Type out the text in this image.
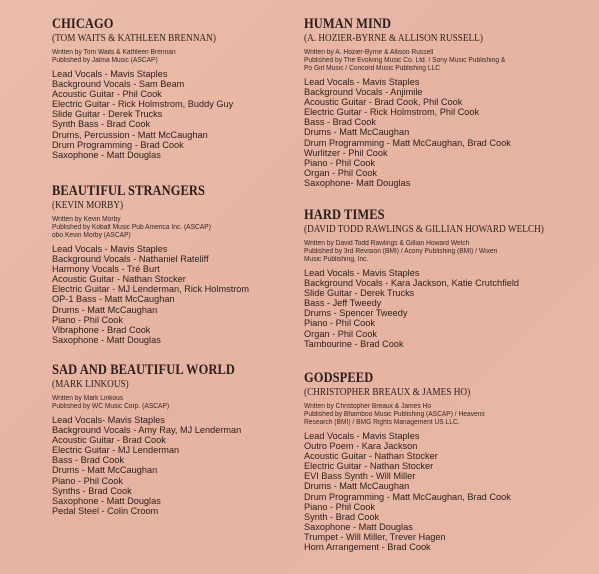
CHICAGO
(TOM WAITS & KATHLEEN BRENNAN)
Written by Tom Waits & Kathleen Brennan
Published by Jalma Music (ASCAP)
Lead Vocals - Mavis Staples
Background Vocals - Sam Beam
Acoustic Guitar - Phil Cook
Electric Guitar - Rick Holmstrom, Buddy Guy
Slide Guitar - Derek Trucks
Synth Bass - Brad Cook
Drums, Percussion - Matt McCaughan
Drum Programming - Brad Cook
Saxophone - Matt Douglas
BEAUTIFUL STRANGERS
(KEVIN MORBY)
Written by Kevin Morby
Published by Kobalt Music Pub America Inc. (ASCAP)
obo Kevin Morby (ASCAP)
Lead Vocals - Mavis Staples
Background Vocals - Nathaniel Rateliff
Harmony Vocals - Tré Burt
Acoustic Guitar - Nathan Stocker
Electric Guitar - MJ Lenderman, Rick Holmstrom
OP-1 Bass - Matt McCaughan
Drums - Matt McCaughan
Piano - Phil Cook
Vibraphone - Brad Cook
Saxophone - Matt Douglas
SAD AND BEAUTIFUL WORLD
(MARK LINKOUS)
Written by Mark Linkous
Published by WC Music Corp. (ASCAP)
Lead Vocals- Mavis Staples
Background Vocals - Amy Ray, MJ Lenderman
Acoustic Guitar - Brad Cook
Electric Guitar - MJ Lenderman
Bass - Brad Cook
Drums - Matt McCaughan
Piano - Phil Cook
Synths - Brad Cook
Saxophone - Matt Douglas
Pedal Steel - Colin Croom
HUMAN MIND
(A. HOZIER-BYRNE & ALLISON RUSSELL)
Written by A. Hozier-Byrne & Allison Russell
Published by The Evolving Music Co. Ltd. / Sony Music Publishing &
Po Girl Music / Concord Music Publishing LLC
Lead Vocals - Mavis Staples
Background Vocals - Anjimile
Acoustic Guitar - Brad Cook, Phil Cook
Electric Guitar - Rick Holmstrom, Phil Cook
Bass - Brad Cook
Drums - Matt McCaughan
Drum Programming - Matt McCaughan, Brad Cook
Wurlitzer - Phil Cook
Piano - Phil Cook
Organ - Phil Cook
Saxophone- Matt Douglas
HARD TIMES
(DAVID TODD RAWLINGS & GILLIAN HOWARD WELCH)
Written by David Todd Rawlings & Gillian Howard Welch
Published by 3rd Revision (BMI) / Acony Publishing (BMI) / Wixen
Music Publishing, Inc.
Lead Vocals - Mavis Staples
Background Vocals - Kara Jackson, Katie Crutchfield
Slide Guitar - Derek Trucks
Bass - Jeff Tweedy
Drums - Spencer Tweedy
Piano - Phil Cook
Organ - Phil Cook
Tambourine - Brad Cook
GODSPEED
(CHRISTOPHER BREAUX & JAMES HO)
Written by Christopher Breaux & James Ho
Published by Bhamboo Music Publishing (ASCAP) / Heavens
Research (BMI) / BMG Rights Management US LLC.
Lead Vocals - Mavis Staples
Outro Poem - Kara Jackson
Acoustic Guitar - Nathan Stocker
Electric Guitar - Nathan Stocker
EVI Bass Synth - Will Miller
Drums - Matt McCaughan
Drum Programming - Matt McCaughan, Brad Cook
Piano - Phil Cook
Synth - Brad Cook
Saxophone - Matt Douglas
Trumpet - Will Miller, Trever Hagen
Horn Arrangement - Brad Cook
